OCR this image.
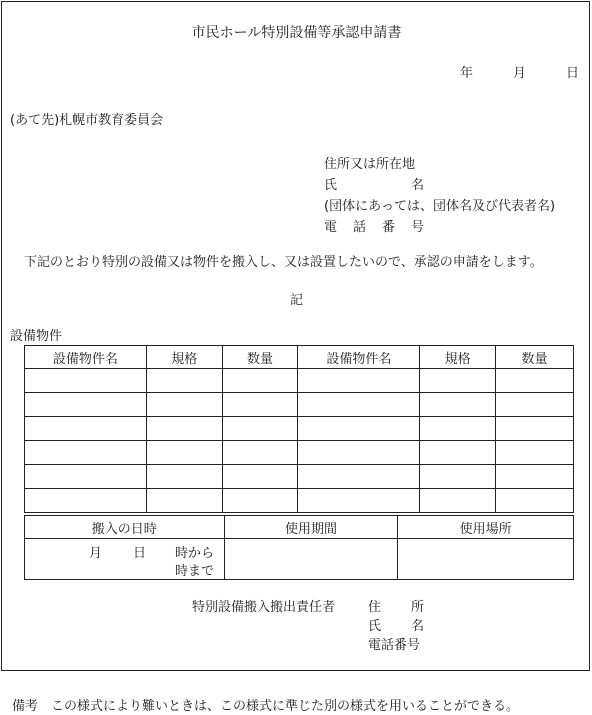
市民ホール特別設備等承認申請書
年	月	日
(あて先)札幌市教育委員会
住所又は所在地
氏	名
(団体にあっては、団体名及び代表者名)
電 話 番 号
下記のとおり特別の設備又は物件を搬入し、又は設置したいので、承認の申請をします。
記
設備物件
設備物件名	規格	数量	設備物件名	規格	数量

搬入の日時	使用期間	使用場所

月 日 時から
時まで		

特別設備搬入搬出責任者	住 所
氏 名
電話番号
備考　この様式により難いときは、この様式に準じた別の様式を用いることができる。
